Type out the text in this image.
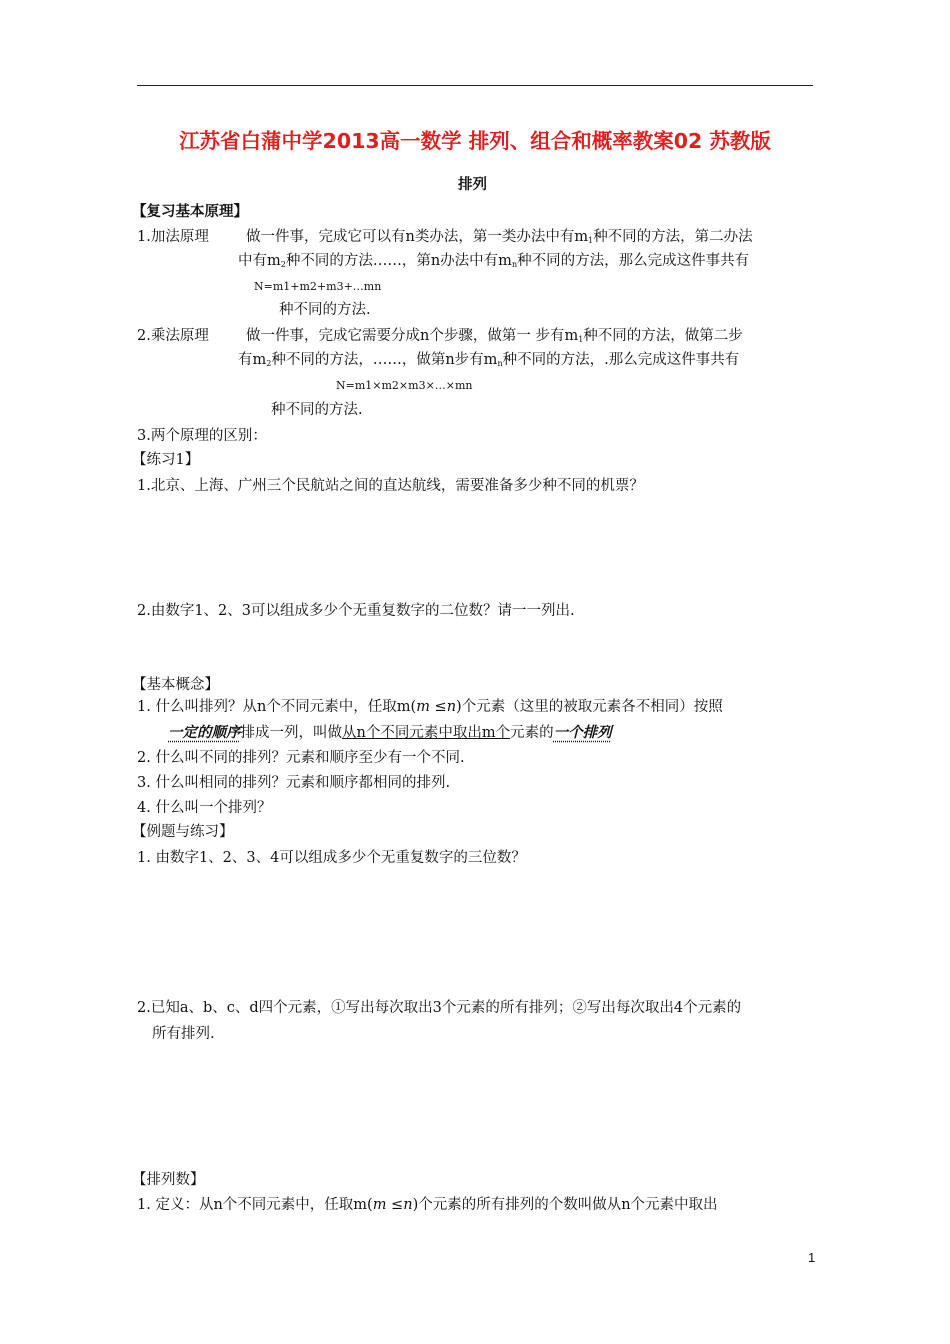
江苏省白蒲中学2013高一数学 排列、组合和概率教案02 苏教版
排列
【复习基本原理】
1.加法原理	做一件事，完成它可以有n类办法，第一类办法中有$m_1$种不同的方法，第二办法
中有$m_2$种不同的方法……，第n办法中有$m_n$种不同的方法，那么完成这件事共有
N=m1+m2+m3+…mn
种不同的方法.
2.乘法原理	做一件事，完成它需要分成n个步骤，做第一 步有$m_1$种不同的方法，做第二步
有$m_2$种不同的方法，……，做第n步有$m_n$种不同的方法，.那么完成这件事共有
N=m1×m2×m3×…×mn
种不同的方法.
3.两个原理的区别：
【练习1】
1.北京、上海、广州三个民航站之间的直达航线，需要准备多少种不同的机票？
2.由数字1、2、3可以组成多少个无重复数字的二位数？请一一列出.
【基本概念】
1. 什么叫排列？从n个不同元素中，任取m(m ≤n)个元素（这里的被取元素各不相同）按照
一定的顺序排成一列，叫做从n个不同元素中取出m个元素的一个排列
2. 什么叫不同的排列？元素和顺序至少有一个不同.
3. 什么叫相同的排列？元素和顺序都相同的排列.
4. 什么叫一个排列？
【例题与练习】
1. 由数字1、2、3、4可以组成多少个无重复数字的三位数？
2.已知a、b、c、d四个元素，①写出每次取出3个元素的所有排列；②写出每次取出4个元素的
所有排列.
【排列数】
1. 定义：从n个不同元素中，任取m(m ≤n)个元素的所有排列的个数叫做从n个元素中取出
1
